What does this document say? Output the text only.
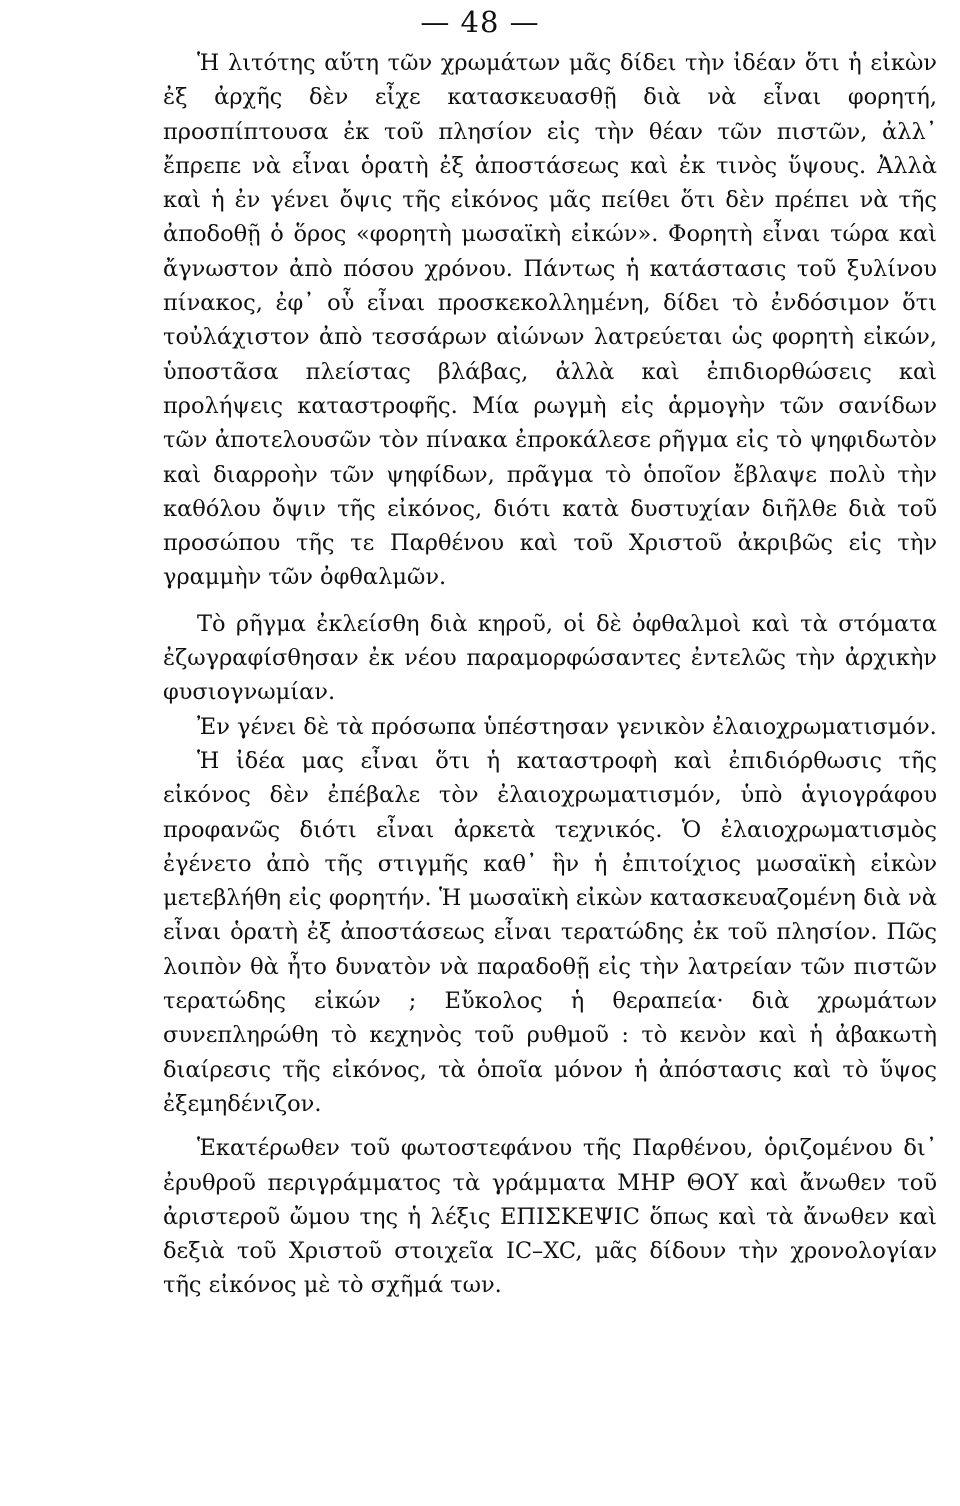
— 48 —

Ἡ λιτότης αὕτη τῶν χρωμάτων μᾶς δίδει τὴν ἰδέαν ὅτι ἡ εἰκὼν ἐξ ἀρχῆς δὲν εἶχε κατασκευασθῇ διὰ νὰ εἶναι φορητή, προσπίπτουσα ἐκ τοῦ πλησίον εἰς τὴν θέαν τῶν πιστῶν, ἀλλ᾿ ἔπρεπε νὰ εἶναι ὁρατὴ ἐξ ἀποστάσεως καὶ ἐκ τινὸς ὕψους. Ἀλλὰ καὶ ἡ ἐν γένει ὄψις τῆς εἰκόνος μᾶς πείθει ὅτι δὲν πρέπει νὰ τῆς ἀποδοθῇ ὁ ὅρος «φορητὴ μωσαϊκὴ εἰκών». Φορητὴ εἶναι τώρα καὶ ἄγνωστον ἀπὸ πόσου χρόνου. Πάντως ἡ κατάστασις τοῦ ξυλίνου πίνακος, ἐφ᾿ οὗ εἶναι προσκεκολλημένη, δίδει τὸ ἐνδόσιμον ὅτι τοὐλάχιστον ἀπὸ τεσσάρων αἰώνων λατρεύεται ὡς φορητὴ εἰκών, ὑποστᾶσα πλείστας βλάβας, ἀλλὰ καὶ ἐπιδιορθώσεις καὶ προλήψεις καταστροφῆς. Μία ρωγμὴ εἰς ἁρμογὴν τῶν σανίδων τῶν ἀποτελουσῶν τὸν πίνακα ἐπροκάλεσε ρῆγμα εἰς τὸ ψηφιδωτὸν καὶ διαρροὴν τῶν ψηφίδων, πρᾶγμα τὸ ὁποῖον ἔβλαψε πολὺ τὴν καθόλου ὄψιν τῆς εἰκόνος, διότι κατὰ δυστυχίαν διῆλθε διὰ τοῦ προσώπου τῆς τε Παρθένου καὶ τοῦ Χριστοῦ ἀκριβῶς εἰς τὴν γραμμὴν τῶν ὀφθαλμῶν.

Τὸ ρῆγμα ἐκλείσθη διὰ κηροῦ, οἱ δὲ ὀφθαλμοὶ καὶ τὰ στόματα ἐζωγραφίσθησαν ἐκ νέου παραμορφώσαντες ἐντελῶς τὴν ἀρχικὴν φυσιογνωμίαν.

Ἐν γένει δὲ τὰ πρόσωπα ὑπέστησαν γενικὸν ἐλαιοχρωματισμόν.

Ἡ ἰδέα μας εἶναι ὅτι ἡ καταστροφὴ καὶ ἐπιδιόρθωσις τῆς εἰκόνος δὲν ἐπέβαλε τὸν ἐλαιοχρωματισμόν, ὑπὸ ἁγιογράφου προφανῶς διότι εἶναι ἀρκετὰ τεχνικός. Ὁ ἐλαιοχρωματισμὸς ἐγένετο ἀπὸ τῆς στιγμῆς καθ᾿ ἣν ἡ ἐπιτοίχιος μωσαϊκὴ εἰκὼν μετεβλήθη εἰς φορητήν. Ἡ μωσαϊκὴ εἰκὼν κατασκευαζομένη διὰ νὰ εἶναι ὁρατὴ ἐξ ἀποστάσεως εἶναι τερατώδης ἐκ τοῦ πλησίον. Πῶς λοιπὸν θὰ ἦτο δυνατὸν νὰ παραδοθῇ εἰς τὴν λατρείαν τῶν πιστῶν τερατώδης εἰκών ; Εὔκολος ἡ θεραπεία· διὰ χρωμάτων συνεπληρώθη τὸ κεχηνὸς τοῦ ρυθμοῦ : τὸ κενὸν καὶ ἡ ἀβακωτὴ διαίρεσις τῆς εἰκόνος, τὰ ὁποῖα μόνον ἡ ἀπόστασις καὶ τὸ ὕψος ἐξεμηδένιζον.

Ἑκατέρωθεν τοῦ φωτοστεφάνου τῆς Παρθένου, ὁριζομένου δι᾿ ἐρυθροῦ περιγράμματος τὰ γράμματα ΜΗΡ ΘΟΥ καὶ ἄνωθεν τοῦ ἀριστεροῦ ὤμου της ἡ λέξις ΕΠΙΣΚΕΨΙC ὅπως καὶ τὰ ἄνωθεν καὶ δεξιὰ τοῦ Χριστοῦ στοιχεῖα IC–XC, μᾶς δίδουν τὴν χρονολογίαν τῆς εἰκόνος μὲ τὸ σχῆμά των.
